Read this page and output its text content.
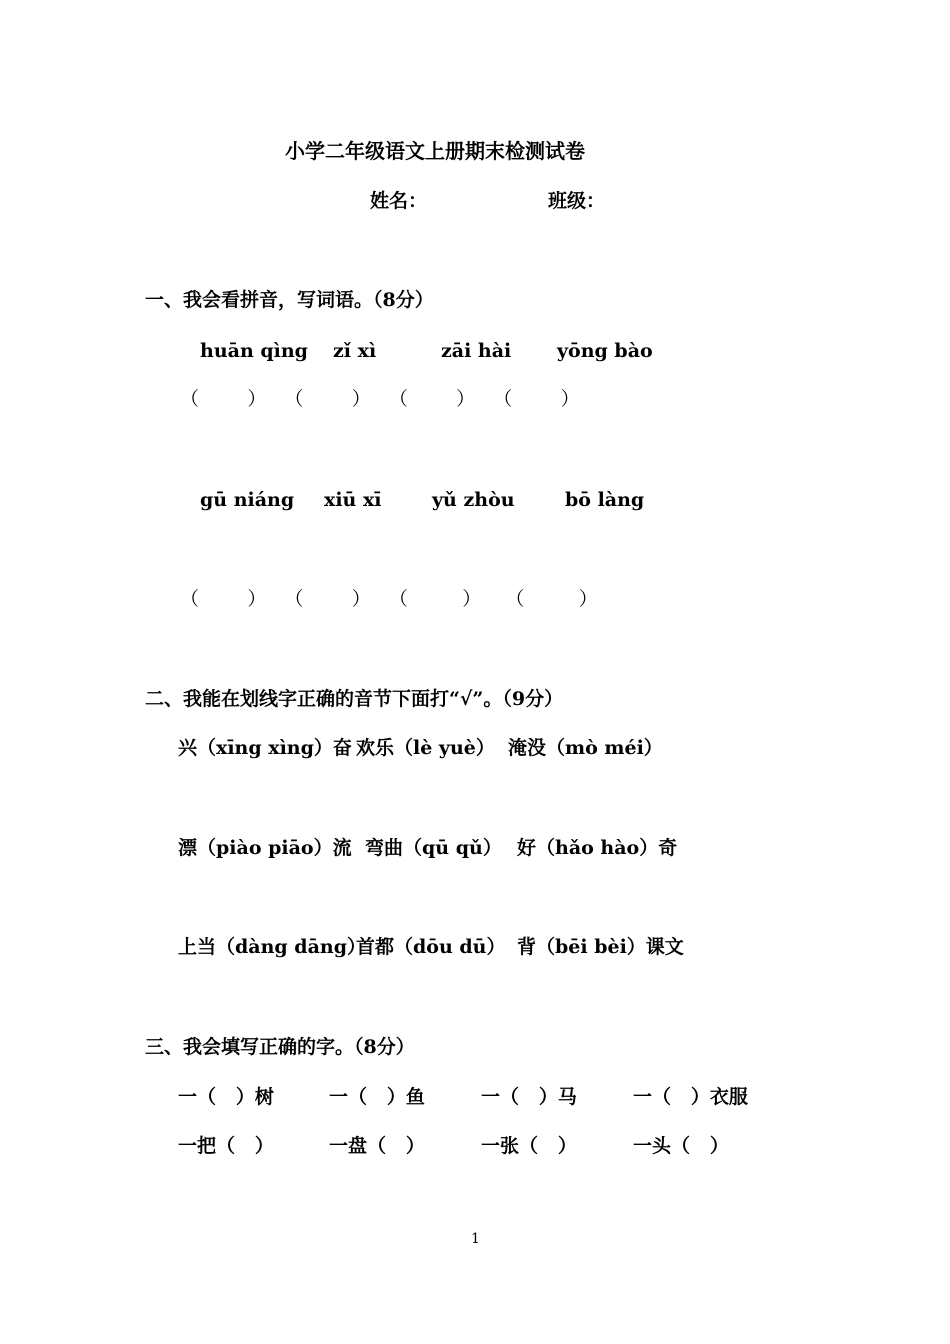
小学二年级语文上册期末检测试卷
姓名：	班级：
一、我会看拼音，写词语。（8分）
huān qìng zǐ xì	zāi hài yōng bào
（        ）   （        ）   （        ）   （        ）
gū niáng xiū xī	yǔ zhòu	bō làng
（        ）   （        ）   （         ）    （         ）
二、我能在划线字正确的音节下面打“√”。（9分）
兴（xīng xìng）奋 欢乐（lè yuè） 淹没（mò méi）
漂（piào piāo）流 弯曲（qū qǔ） 好（hǎo hào）奇
上当（dàng dāng）
首都（dōu dū） 背（bēi bèi）课文
三、我会填写正确的字。（8分）
一（   ）树	一（   ）鱼	一（   ）马	一（   ）衣服
一把（   ）	一盘（   ）	一张（   ）	一头（   ）
1
